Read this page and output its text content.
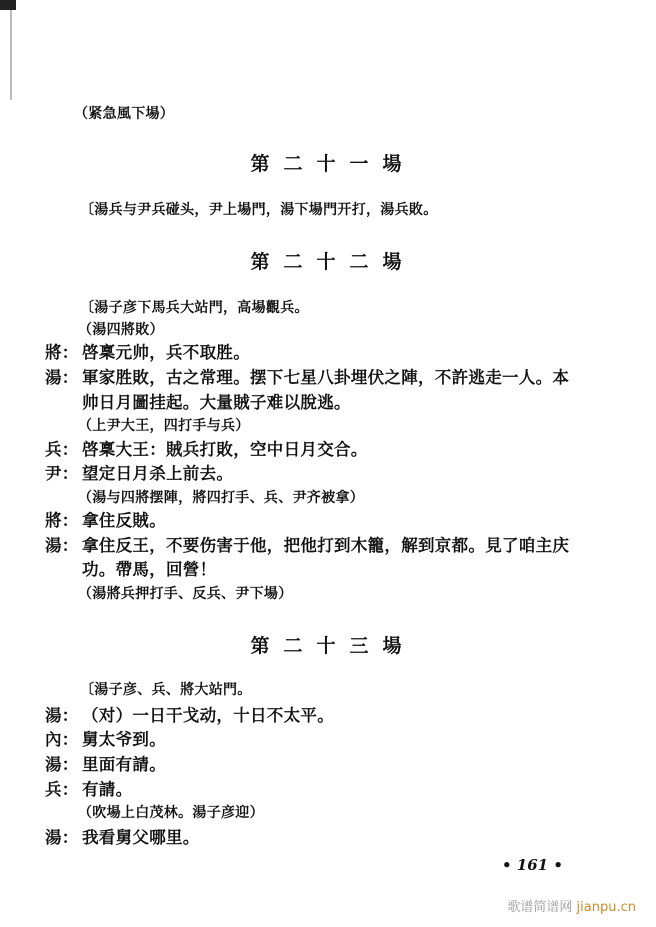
（紧急風下場）
第二十一場
〔湯兵与尹兵碰头，尹上場門，湯下場門开打，湯兵敗。
第二十二場
〔湯子彦下馬兵大站門，高場觀兵。
（湯四將敗）
將： 啓稟元帅，兵不取胜。
湯： 軍家胜敗，古之常理。摆下七星八卦埋伏之陣，不許逃走一人。本
帅日月圖挂起。大量賊子难以脫逃。
（上尹大王，四打手与兵）
兵： 啓稟大王：賊兵打敗，空中日月交合。
尹： 望定日月杀上前去。
（湯与四將摆陣，將四打手、兵、尹齐被拿）
將： 拿住反賊。
湯： 拿住反王，不要伤害于他，把他打到木籠，解到京都。見了咱主庆
功。帶馬，回營！
（湯將兵押打手、反兵、尹下場）
第二十三場
〔湯子彦、兵、將大站門。
湯： （对）一日干戈动，十日不太平。
內： 舅太爷到。
湯： 里面有請。
兵： 有請。
（吹場上白茂林。湯子彦迎）
湯： 我看舅父哪里。
• 161 •
歌谱简谱网 jianpu.cn
